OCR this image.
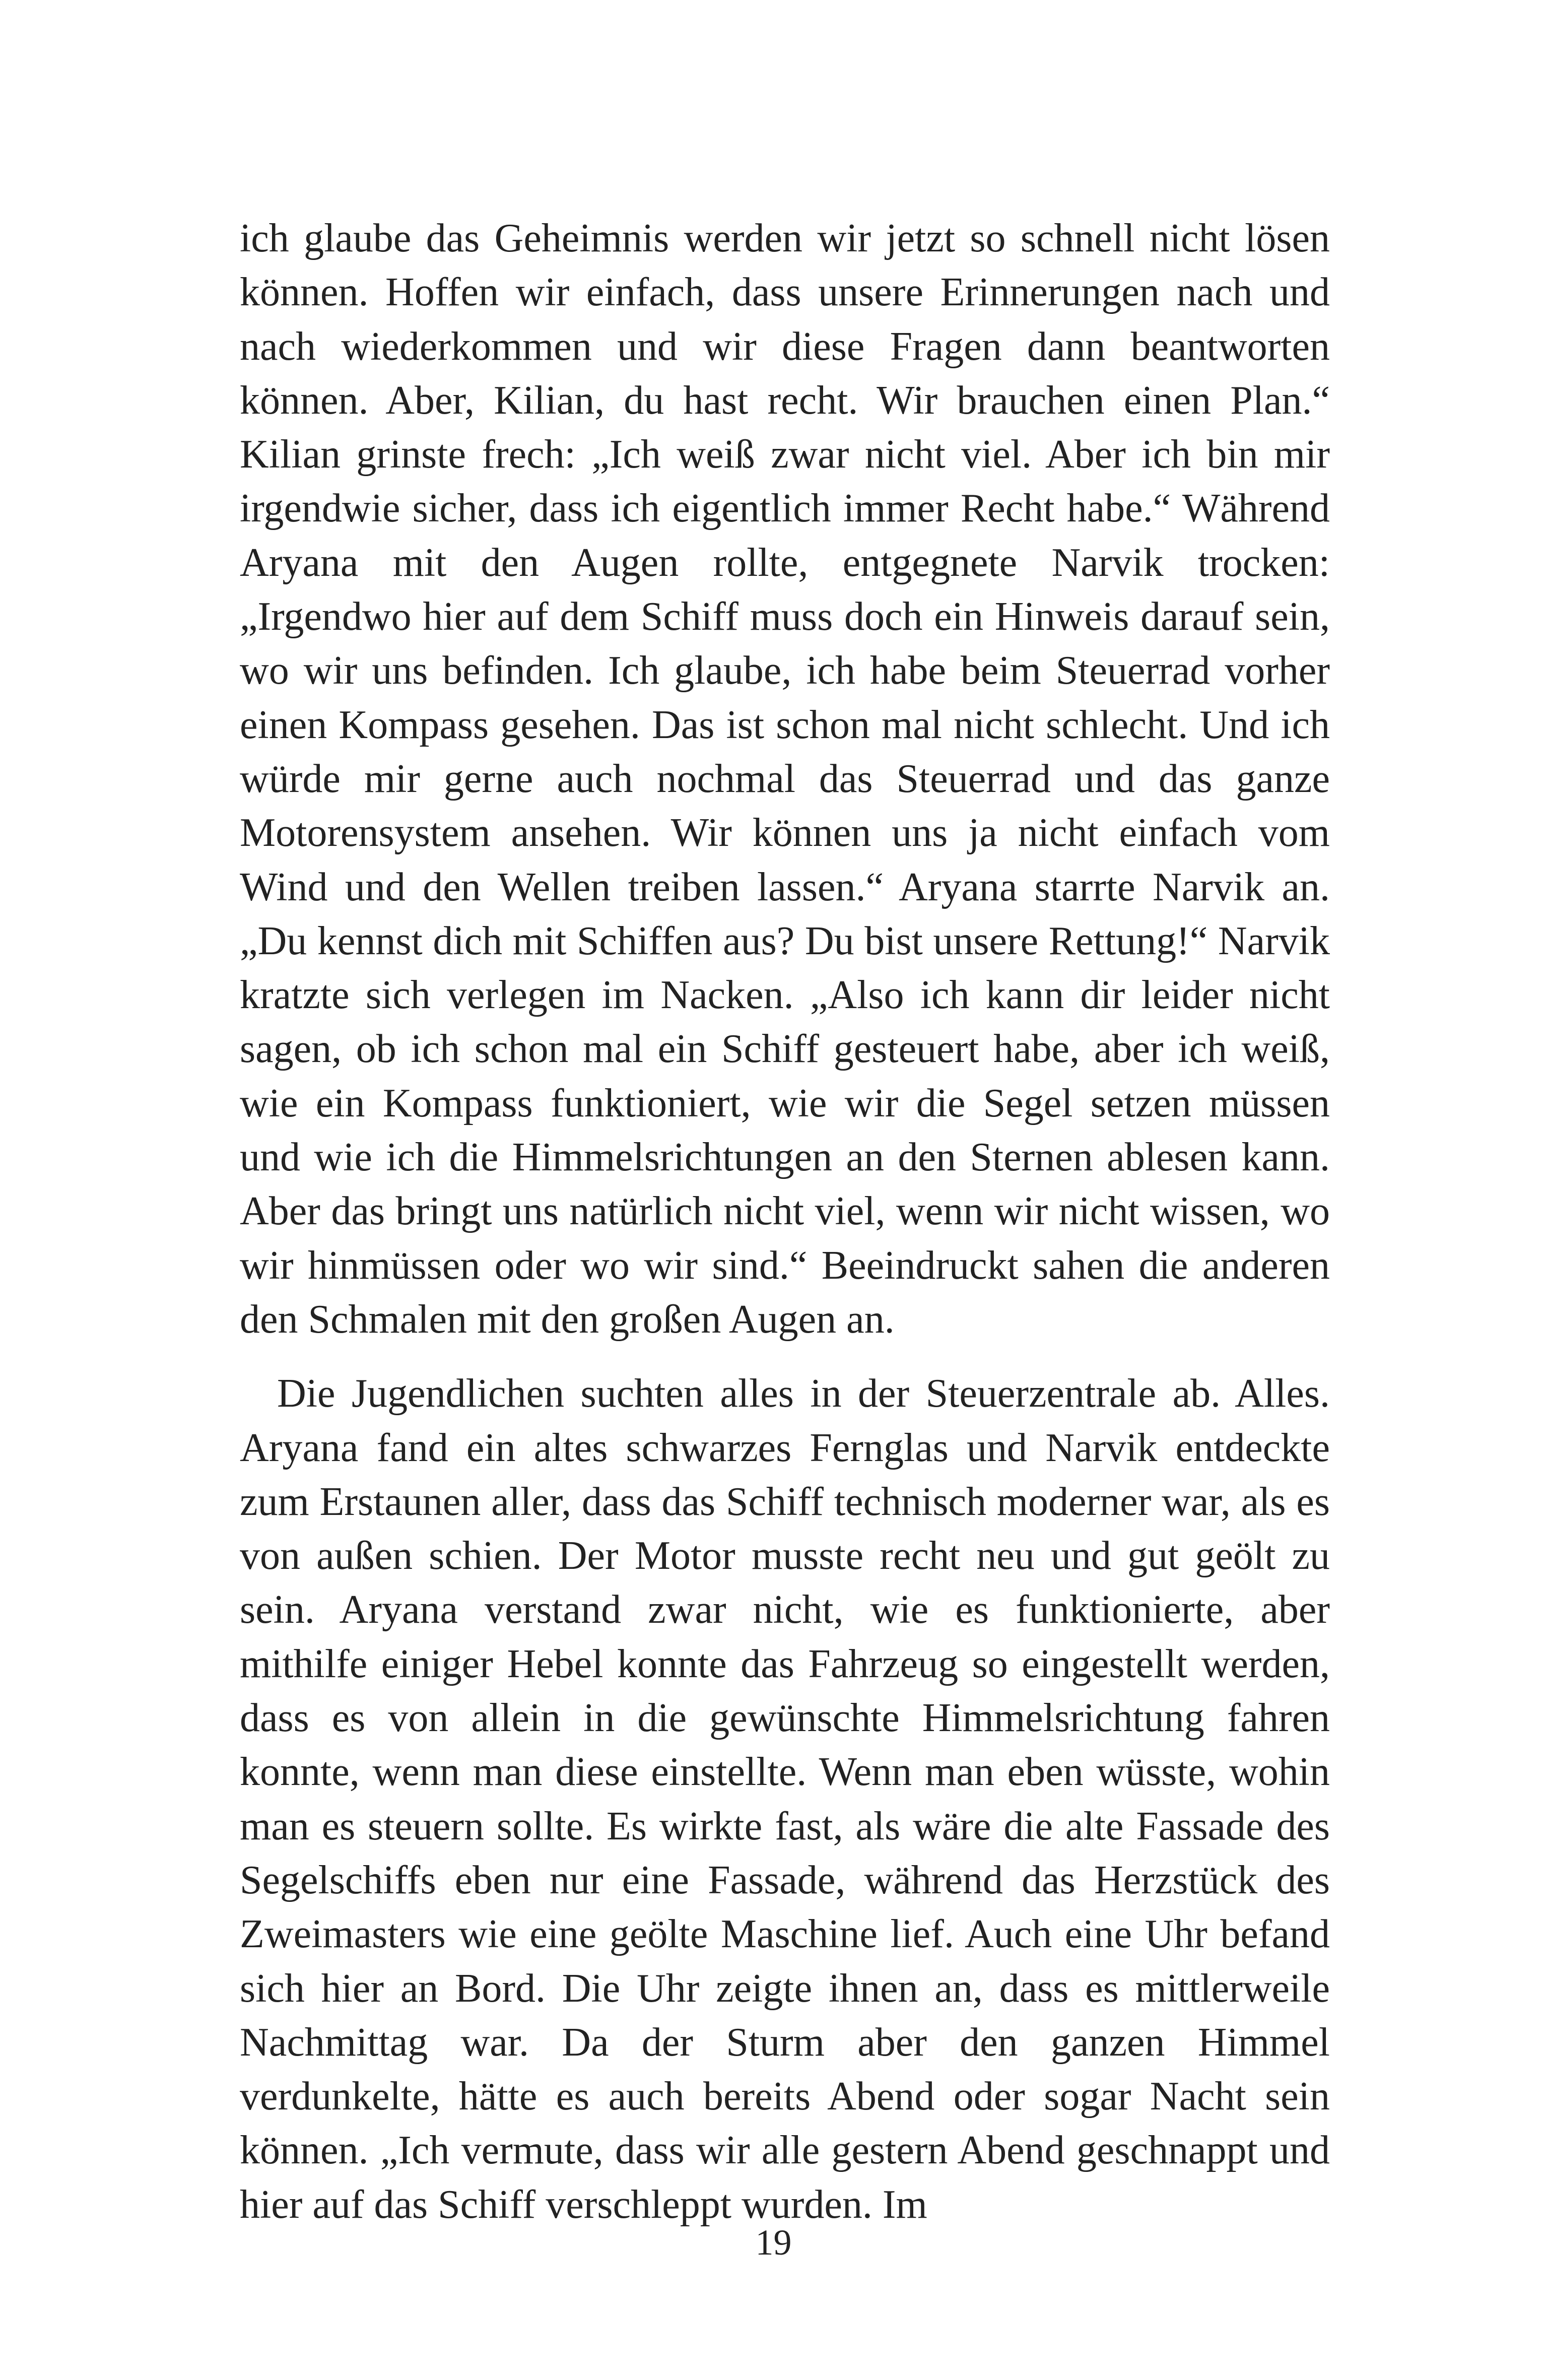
ich glaube das Geheimnis werden wir jetzt so schnell nicht lösen können. Hoffen wir einfach, dass unsere Erinnerungen nach und nach wiederkommen und wir diese Fragen dann beantworten können. Aber, Kilian, du hast recht. Wir brauchen einen Plan.“ Kilian grinste frech: „Ich weiß zwar nicht viel. Aber ich bin mir irgendwie sicher, dass ich eigentlich immer Recht habe.“ Während Aryana mit den Augen rollte, entgegnete Narvik trocken: „Irgendwo hier auf dem Schiff muss doch ein Hinweis darauf sein, wo wir uns befinden. Ich glaube, ich habe beim Steuerrad vorher einen Kompass gesehen. Das ist schon mal nicht schlecht. Und ich würde mir gerne auch nochmal das Steuerrad und das ganze Motorensystem ansehen. Wir können uns ja nicht einfach vom Wind und den Wellen treiben lassen.“ Aryana starrte Narvik an. „Du kennst dich mit Schiffen aus? Du bist unsere Rettung!“ Narvik kratzte sich verlegen im Nacken. „Also ich kann dir leider nicht sagen, ob ich schon mal ein Schiff gesteuert habe, aber ich weiß, wie ein Kompass funktioniert, wie wir die Segel setzen müssen und wie ich die Himmelsrichtungen an den Sternen ablesen kann. Aber das bringt uns natürlich nicht viel, wenn wir nicht wissen, wo wir hinmüssen oder wo wir sind.“ Beeindruckt sahen die anderen den Schmalen mit den großen Augen an.

Die Jugendlichen suchten alles in der Steuerzentrale ab. Alles. Aryana fand ein altes schwarzes Fernglas und Narvik entdeckte zum Erstaunen aller, dass das Schiff technisch moderner war, als es von außen schien. Der Motor musste recht neu und gut geölt zu sein. Aryana verstand zwar nicht, wie es funktionierte, aber mithilfe einiger Hebel konnte das Fahrzeug so eingestellt werden, dass es von allein in die gewünschte Himmelsrichtung fahren konnte, wenn man diese einstellte. Wenn man eben wüsste, wohin man es steuern sollte. Es wirkte fast, als wäre die alte Fassade des Segelschiffs eben nur eine Fassade, während das Herzstück des Zweimasters wie eine geölte Maschine lief. Auch eine Uhr befand sich hier an Bord. Die Uhr zeigte ihnen an, dass es mittlerweile Nachmittag war. Da der Sturm aber den ganzen Himmel verdunkelte, hätte es auch bereits Abend oder sogar Nacht sein können. „Ich vermute, dass wir alle gestern Abend geschnappt und hier auf das Schiff verschleppt wurden. Im

19
